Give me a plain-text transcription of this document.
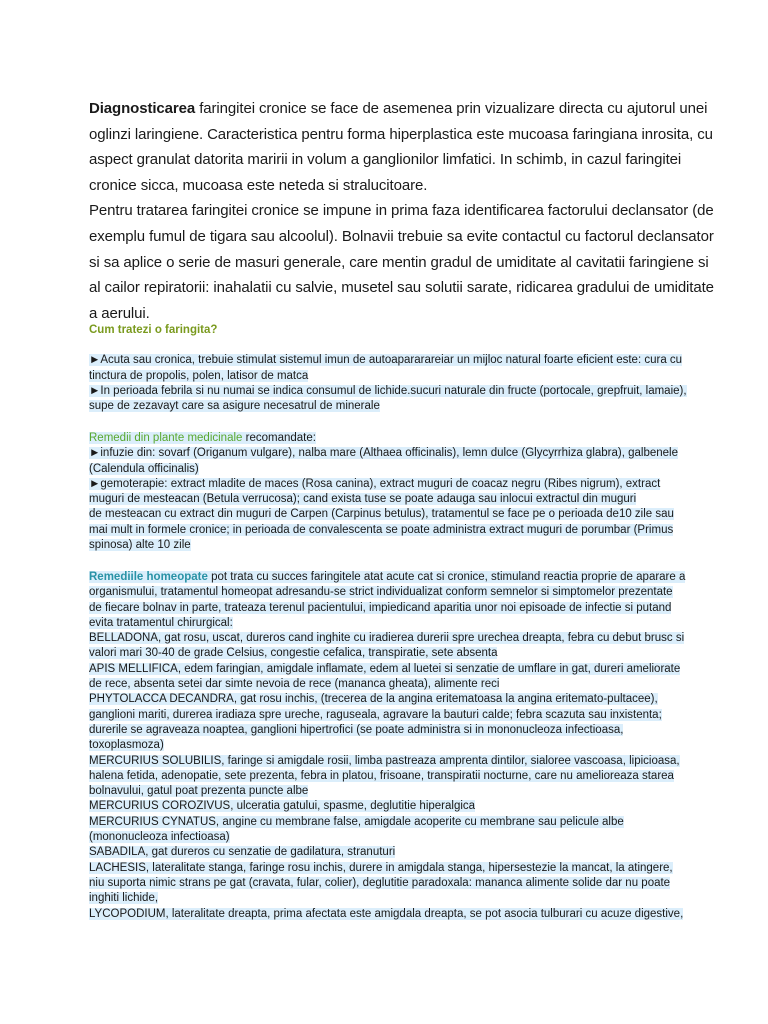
Diagnosticarea faringitei cronice se face de asemenea prin vizualizare directa cu ajutorul unei
oglinzi laringiene. Caracteristica pentru forma hiperplastica este mucoasa faringiana inrosita, cu
aspect granulat datorita maririi in volum a ganglionilor limfatici. In schimb, in cazul faringitei
cronice sicca, mucoasa este neteda si stralucitoare.

Pentru tratarea faringitei cronice se impune in prima faza identificarea factorului declansator (de
exemplu fumul de tigara sau alcoolul). Bolnavii trebuie sa evite contactul cu factorul declansator
si sa aplice o serie de masuri generale, care mentin gradul de umiditate al cavitatii faringiene si
al cailor repiratorii: inahalatii cu salvie, musetel sau solutii sarate, ridicarea gradului de umiditate
a aerului.

Cum tratezi o faringita?
►Acuta sau cronica, trebuie stimulat sistemul imun de autoapararareiar un mijloc natural foarte eficient este: cura cu
tinctura de propolis, polen, latisor de matca
►In perioada febrila si nu numai se indica consumul de lichide.sucuri naturale din fructe (portocale, grepfruit, lamaie),
supe de zezavayt care sa asigure necesatrul de minerale
Remedii din plante medicinale recomandate:
►infuzie din: sovarf (Origanum vulgare), nalba mare (Althaea officinalis), lemn dulce (Glycyrrhiza glabra), galbenele
(Calendula officinalis)
►gemoterapie: extract mladite de maces (Rosa canina), extract muguri de coacaz negru (Ribes nigrum), extract
muguri de mesteacan (Betula verrucosa); cand exista tuse se poate adauga sau inlocui extractul din muguri
de mesteacan cu extract din muguri de Carpen (Carpinus betulus), tratamentul se face pe o perioada de10 zile sau
mai mult in formele cronice; in perioada de convalescenta se poate administra extract muguri de porumbar (Primus
spinosa) alte 10 zile
Remediile homeopate pot trata cu succes faringitele atat acute cat si cronice, stimuland reactia proprie de aparare a
organismului, tratamentul homeopat adresandu-se strict individualizat conform semnelor si simptomelor prezentate
de fiecare bolnav in parte, trateaza terenul pacientului, impiedicand aparitia unor noi episoade de infectie si putand
evita tratamentul chirurgical:
BELLADONA, gat rosu, uscat, dureros cand inghite cu iradierea durerii spre urechea dreapta, febra cu debut brusc si
valori mari 30-40 de grade Celsius, congestie cefalica, transpiratie, sete absenta
APIS MELLIFICA, edem faringian, amigdale inflamate, edem al luetei si senzatie de umflare in gat, dureri ameliorate
de rece, absenta setei dar simte nevoia de rece (mananca gheata), alimente reci
PHYTOLACCA DECANDRA, gat rosu inchis, (trecerea de la angina eritematoasa la angina eritemato-pultacee),
ganglioni mariti, durerea iradiaza spre ureche, raguseala, agravare la bauturi calde; febra scazuta sau inxistenta;
durerile se agraveaza noaptea, ganglioni hipertrofici (se poate administra si in mononucleoza infectioasa,
toxoplasmoza)
MERCURIUS SOLUBILIS, faringe si amigdale rosii, limba pastreaza amprenta dintilor, sialoree vascoasa, lipicioasa,
halena fetida, adenopatie, sete prezenta, febra in platou, frisoane, transpiratii nocturne, care nu amelioreaza starea
bolnavului, gatul poat prezenta puncte albe
MERCURIUS COROZIVUS, ulceratia gatului, spasme, deglutitie hiperalgica
MERCURIUS CYNATUS, angine cu membrane false, amigdale acoperite cu membrane sau pelicule albe
(mononucleoza infectioasa)
SABADILA, gat dureros cu senzatie de gadilatura, stranuturi
LACHESIS, lateralitate stanga, faringe rosu inchis, durere in amigdala stanga, hipersestezie la mancat, la atingere,
niu suporta nimic strans pe gat (cravata, fular, colier), deglutitie paradoxala: mananca alimente solide dar nu poate
inghiti lichide,
LYCOPODIUM, lateralitate dreapta, prima afectata este amigdala dreapta, se pot asocia tulburari cu acuze digestive,
